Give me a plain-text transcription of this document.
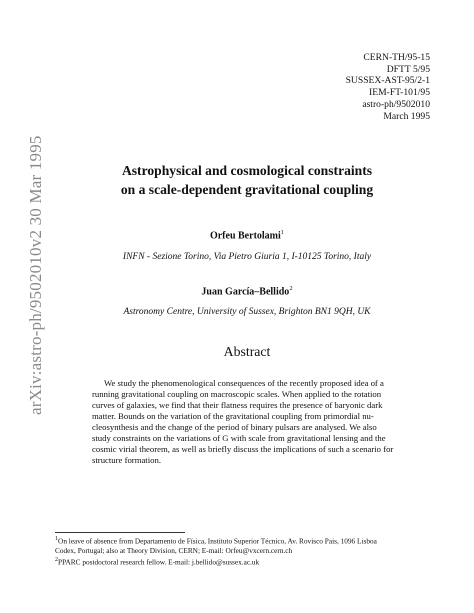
CERN-TH/95-15
DFTT 5/95
SUSSEX-AST-95/2-1
IEM-FT-101/95
astro-ph/9502010
March 1995
arXiv:astro-ph/9502010v2 30 Mar 1995	Astrophysical and cosmological constraints
on a scale-dependent gravitational coupling
Orfeu Bertolami$^1$
INFN - Sezione Torino, Via Pietro Giuria 1, I-10125 Torino, Italy
Juan García–Bellido$^2$
Astronomy Centre, University of Sussex, Brighton BN1 9QH, UK
Abstract
We study the phenomenological consequences of the recently proposed idea of a
running gravitational coupling on macroscopic scales. When applied to the rotation
curves of galaxies, we find that their flatness requires the presence of baryonic dark
matter. Bounds on the variation of the gravitational coupling from primordial nu-
cleosynthesis and the change of the period of binary pulsars are analysed. We also
study constraints on the variations of G with scale from gravitational lensing and the
cosmic virial theorem, as well as briefly discuss the implications of such a scenario for
structure formation.
$^1$On leave of absence from Departamento de Física, Instituto Superior Técnico, Av. Rovisco Pais, 1096 Lisboa
Codex, Portugal; also at Theory Division, CERN; E-mail: Orfeu@vxcern.cern.ch
$^2$PPARC postdoctoral research fellow. E-mail: j.bellido@sussex.ac.uk
